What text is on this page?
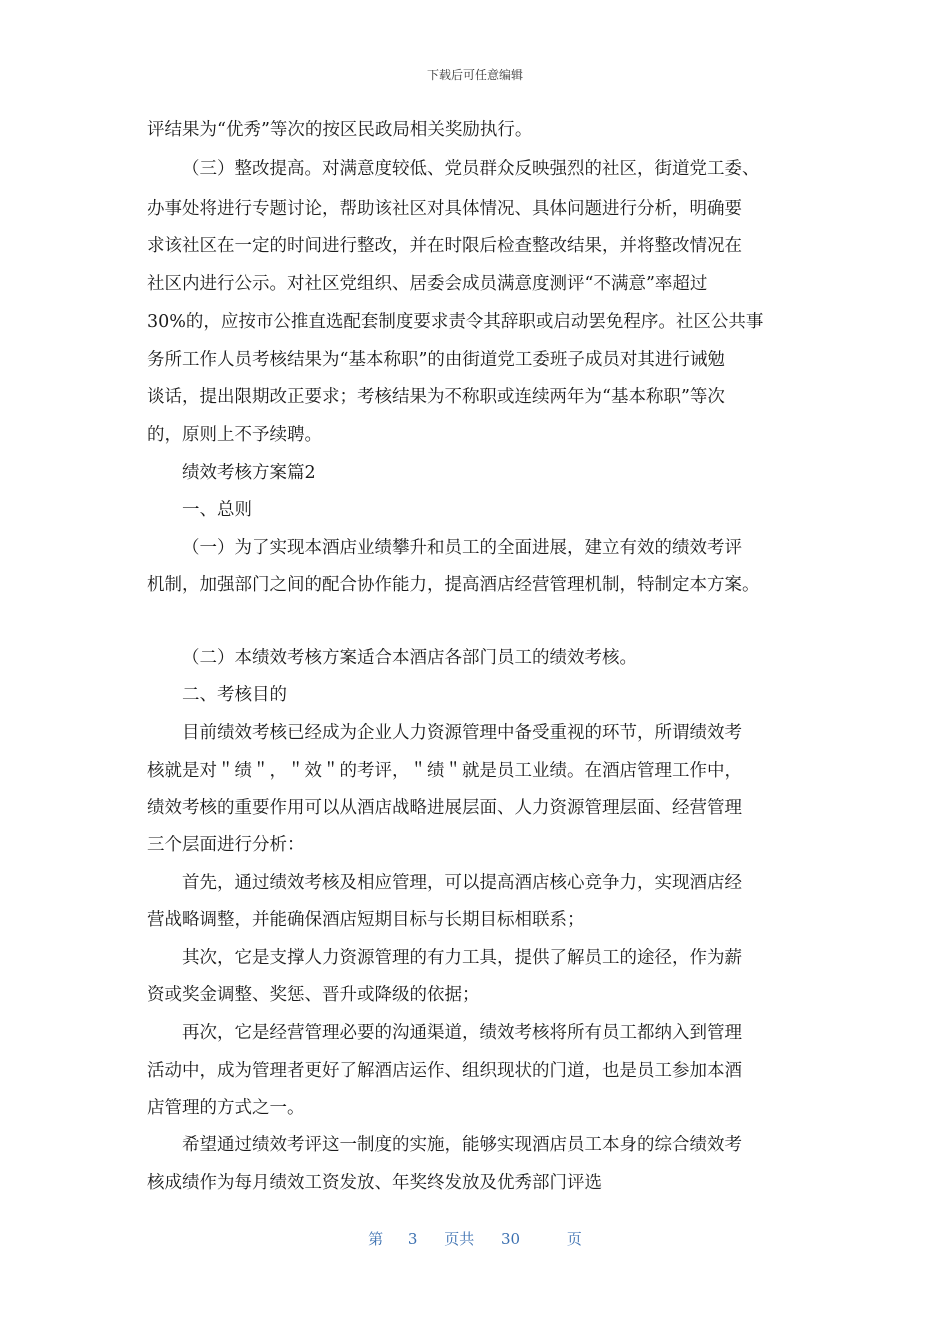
下载后可任意编辑
评结果为“优秀”等次的按区民政局相关奖励执行。
（三）整改提高。对满意度较低、党员群众反映强烈的社区，街道党工委、
办事处将进行专题讨论，帮助该社区对具体情况、具体问题进行分析，明确要
求该社区在一定的时间进行整改，并在时限后检查整改结果，并将整改情况在
社区内进行公示。对社区党组织、居委会成员满意度测评“不满意”率超过
30%的，应按市公推直选配套制度要求责令其辞职或启动罢免程序。社区公共事
务所工作人员考核结果为“基本称职”的由街道党工委班子成员对其进行诫勉
谈话，提出限期改正要求；考核结果为不称职或连续两年为“基本称职”等次
的，原则上不予续聘。
绩效考核方案篇2
一、总则
（一）为了实现本酒店业绩攀升和员工的全面进展，建立有效的绩效考评
机制，加强部门之间的配合协作能力，提高酒店经营管理机制，特制定本方案。
（二）本绩效考核方案适合本酒店各部门员工的绩效考核。
二、考核目的
目前绩效考核已经成为企业人力资源管理中备受重视的环节，所谓绩效考
核就是对＂绩＂，＂效＂的考评，＂绩＂就是员工业绩。在酒店管理工作中，
绩效考核的重要作用可以从酒店战略进展层面、人力资源管理层面、经营管理
三个层面进行分析：
首先，通过绩效考核及相应管理，可以提高酒店核心竞争力，实现酒店经
营战略调整，并能确保酒店短期目标与长期目标相联系；
其次，它是支撑人力资源管理的有力工具，提供了解员工的途径，作为薪
资或奖金调整、奖惩、晋升或降级的依据；
再次，它是经营管理必要的沟通渠道，绩效考核将所有员工都纳入到管理
活动中，成为管理者更好了解酒店运作、组织现状的门道，也是员工参加本酒
店管理的方式之一。
希望通过绩效考评这一制度的实施，能够实现酒店员工本身的综合绩效考
核成绩作为每月绩效工资发放、年奖终发放及优秀部门评选
第 3 页共 30	页
